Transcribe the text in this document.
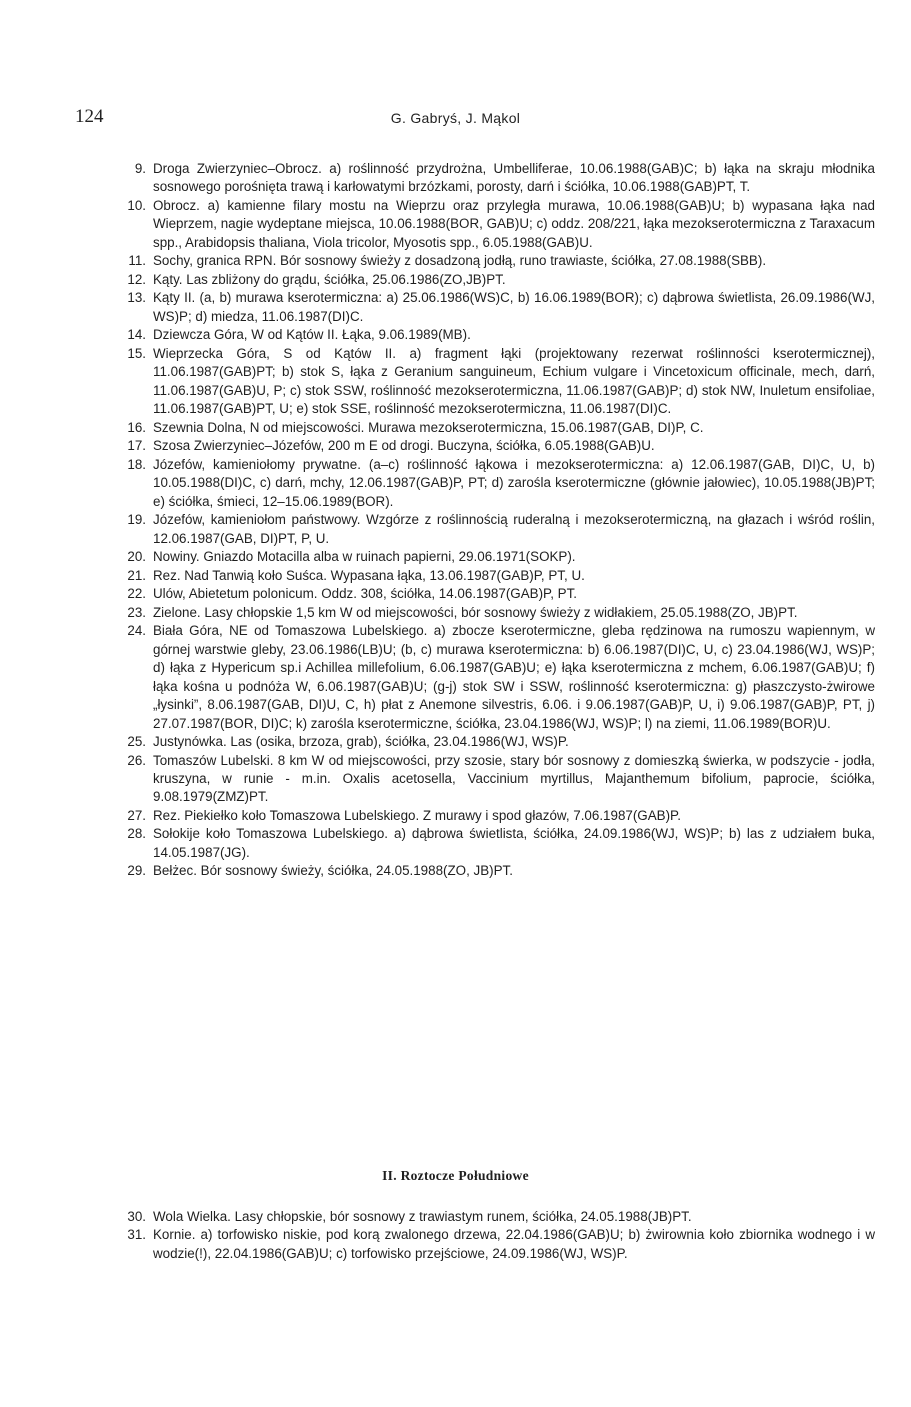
124	G. Gabryś, J. Mąkol
9. Droga Zwierzyniec–Obrocz. a) roślinność przydrożna, Umbelliferae, 10.06.1988(GAB)C; b) łąka na skraju młodnika sosnowego porośnięta trawą i karłowatymi brzózkami, porosty, darń i ściółka, 10.06.1988(GAB)PT, T.
10. Obrocz. a) kamienne filary mostu na Wieprzu oraz przyległa murawa, 10.06.1988(GAB)U; b) wypasana łąka nad Wieprzem, nagie wydeptane miejsca, 10.06.1988(BOR, GAB)U; c) oddz. 208/221, łąka mezokserotermiczna z Taraxacum spp., Arabidopsis thaliana, Viola tricolor, Myosotis spp., 6.05.1988(GAB)U.
11. Sochy, granica RPN. Bór sosnowy świeży z dosadzoną jodłą, runo trawiaste, ściółka, 27.08.1988(SBB).
12. Kąty. Las zbliżony do grądu, ściółka, 25.06.1986(ZO,JB)PT.
13. Kąty II. (a, b) murawa kserotermiczna: a) 25.06.1986(WS)C, b) 16.06.1989(BOR); c) dąbrowa świetlista, 26.09.1986(WJ, WS)P; d) miedza, 11.06.1987(DI)C.
14. Dziewcza Góra, W od Kątów II. Łąka, 9.06.1989(MB).
15. Wieprzecka Góra, S od Kątów II. a) fragment łąki (projektowany rezerwat roślinności kserotermicznej), 11.06.1987(GAB)PT; b) stok S, łąka z Geranium sanguineum, Echium vulgare i Vincetoxicum officinale, mech, darń, 11.06.1987(GAB)U, P; c) stok SSW, roślinność mezokserotermiczna, 11.06.1987(GAB)P; d) stok NW, Inuletum ensifoliae, 11.06.1987(GAB)PT, U; e) stok SSE, roślinność mezokserotermiczna, 11.06.1987(DI)C.
16. Szewnia Dolna, N od miejscowości. Murawa mezokserotermiczna, 15.06.1987(GAB, DI)P, C.
17. Szosa Zwierzyniec–Józefów, 200 m E od drogi. Buczyna, ściółka, 6.05.1988(GAB)U.
18. Józefów, kamieniołomy prywatne. (a–c) roślinność łąkowa i mezokserotermiczna: a) 12.06.1987(GAB, DI)C, U, b) 10.05.1988(DI)C, c) darń, mchy, 12.06.1987(GAB)P, PT; d) zarośla kserotermiczne (głównie jałowiec), 10.05.1988(JB)PT; e) ściółka, śmieci, 12–15.06.1989(BOR).
19. Józefów, kamieniołom państwowy. Wzgórze z roślinnością ruderalną i mezokserotermiczną, na głazach i wśród roślin, 12.06.1987(GAB, DI)PT, P, U.
20. Nowiny. Gniazdo Motacilla alba w ruinach papierni, 29.06.1971(SOKP).
21. Rez. Nad Tanwią koło Suśca. Wypasana łąka, 13.06.1987(GAB)P, PT, U.
22. Ulów, Abietetum polonicum. Oddz. 308, ściółka, 14.06.1987(GAB)P, PT.
23. Zielone. Lasy chłopskie 1,5 km W od miejscowości, bór sosnowy świeży z widłakiem, 25.05.1988(ZO, JB)PT.
24. Biała Góra, NE od Tomaszowa Lubelskiego. a) zbocze kserotermiczne, gleba rędzinowa na rumoszu wapiennym, w górnej warstwie gleby, 23.06.1986(LB)U; (b, c) murawa kserotermiczna: b) 6.06.1987(DI)C, U, c) 23.04.1986(WJ, WS)P; d) łąka z Hypericum sp.i Achillea millefolium, 6.06.1987(GAB)U; e) łąka kserotermiczna z mchem, 6.06.1987(GAB)U; f) łąka kośna u podnóża W, 6.06.1987(GAB)U; (g-j) stok SW i SSW, roślinność kserotermiczna: g) płaszczysto-żwirowe „łysinki”, 8.06.1987(GAB, DI)U, C, h) płat z Anemone silvestris, 6.06. i 9.06.1987(GAB)P, U, i) 9.06.1987(GAB)P, PT, j) 27.07.1987(BOR, DI)C; k) zarośla kserotermiczne, ściółka, 23.04.1986(WJ, WS)P; l) na ziemi, 11.06.1989(BOR)U.
25. Justynówka. Las (osika, brzoza, grab), ściółka, 23.04.1986(WJ, WS)P.
26. Tomaszów Lubelski. 8 km W od miejscowości, przy szosie, stary bór sosnowy z domieszką świerka, w podszycie - jodła, kruszyna, w runie - m.in. Oxalis acetosella, Vaccinium myrtillus, Majanthemum bifolium, paprocie, ściółka, 9.08.1979(ZMZ)PT.
27. Rez. Piekiełko koło Tomaszowa Lubelskiego. Z murawy i spod głazów, 7.06.1987(GAB)P.
28. Sołokije koło Tomaszowa Lubelskiego. a) dąbrowa świetlista, ściółka, 24.09.1986(WJ, WS)P; b) las z udziałem buka, 14.05.1987(JG).
29. Bełżec. Bór sosnowy świeży, ściółka, 24.05.1988(ZO, JB)PT.
II. Roztocze Południowe
30. Wola Wielka. Lasy chłopskie, bór sosnowy z trawiastym runem, ściółka, 24.05.1988(JB)PT.
31. Kornie. a) torfowisko niskie, pod korą zwalonego drzewa, 22.04.1986(GAB)U; b) żwirownia koło zbiornika wodnego i w wodzie(!), 22.04.1986(GAB)U; c) torfowisko przejściowe, 24.09.1986(WJ, WS)P.
